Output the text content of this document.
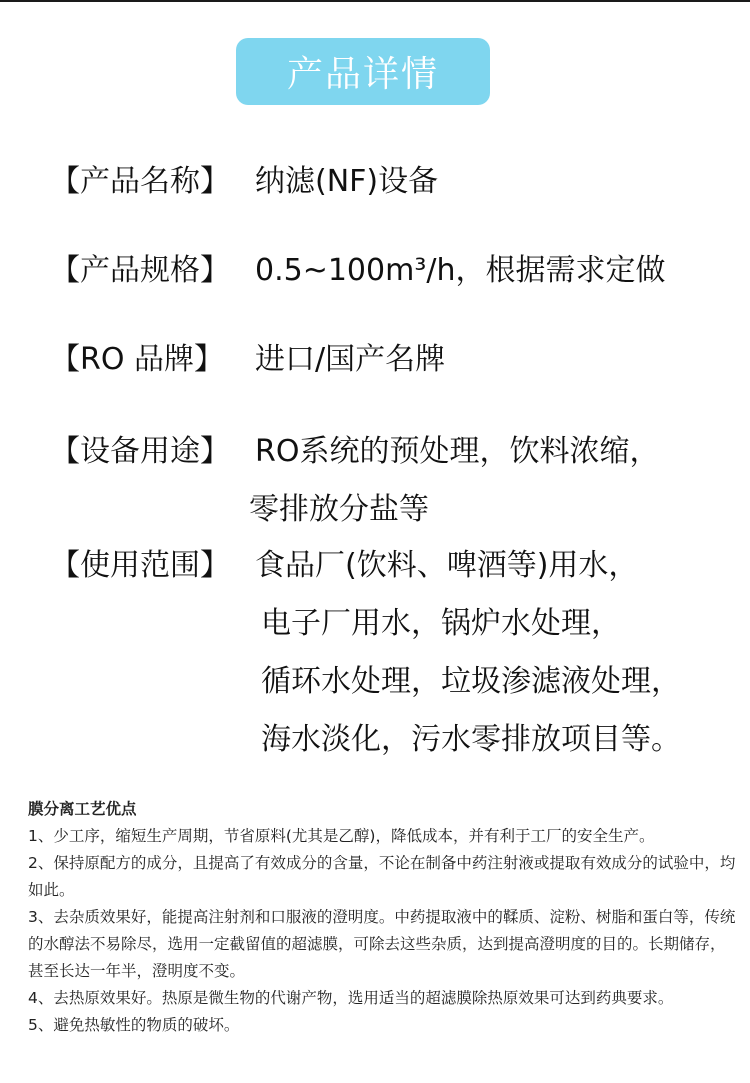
产品详情
【产品名称】 纳滤(NF)设备
【产品规格】 0.5~100m³/h，根据需求定做
【RO 品牌】 进口/国产名牌
【设备用途】 RO系统的预处理，饮料浓缩，
零排放分盐等
【使用范围】 食品厂(饮料、啤酒等)用水，
电子厂用水，锅炉水处理，
循环水处理，垃圾渗滤液处理，
海水淡化，污水零排放项目等。
膜分离工艺优点
1、少工序，缩短生产周期，节省原料(尤其是乙醇)，降低成本，并有利于工厂的安全生产。
2、保持原配方的成分，且提高了有效成分的含量，不论在制备中药注射液或提取有效成分的试验中，均如此。
3、去杂质效果好，能提高注射剂和口服液的澄明度。中药提取液中的鞣质、淀粉、树脂和蛋白等，传统的水醇法不易除尽，选用一定截留值的超滤膜，可除去这些杂质，达到提高澄明度的目的。长期储存，甚至长达一年半，澄明度不变。
4、去热原效果好。热原是微生物的代谢产物，选用适当的超滤膜除热原效果可达到药典要求。
5、避免热敏性的物质的破坏。
